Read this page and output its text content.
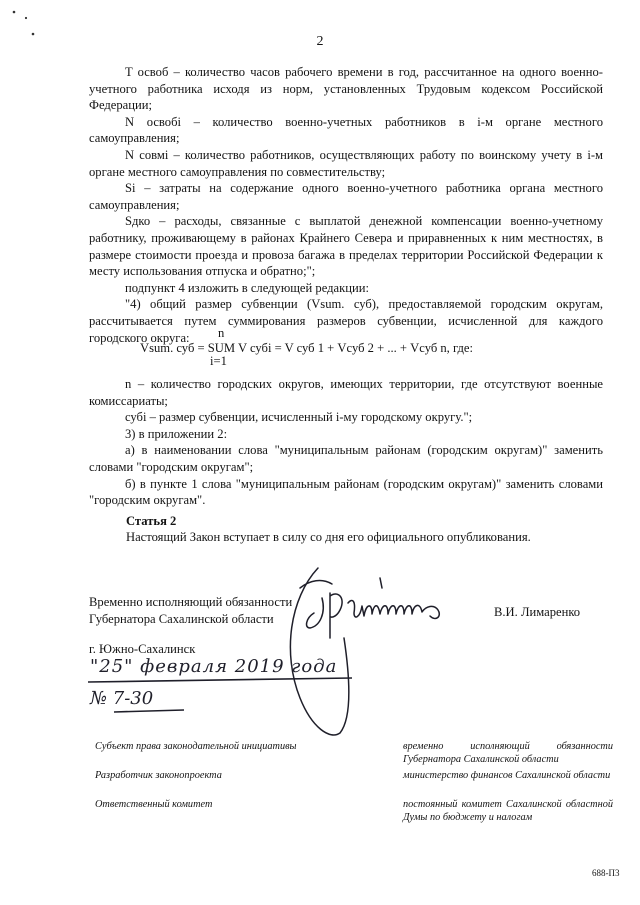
2

T освоб – количество часов рабочего времени в год, рассчитанное на одного военно-учетного работника исходя из норм, установленных Трудовым кодексом Российской Федерации;

N освобi – количество военно-учетных работников в i-м органе местного самоуправления;

N совмi – количество работников, осуществляющих работу по воинскому учету в i-м органе местного самоуправления по совместительству;

Si – затраты на содержание одного военно-учетного работника органа местного самоуправления;

Sдко – расходы, связанные с выплатой денежной компенсации военно-учетному работнику, проживающему в районах Крайнего Севера и приравненных к ним местностях, в размере стоимости проезда и провоза багажа в пределах территории Российской Федерации к месту использования отпуска и обратно;";

подпункт 4 изложить в следующей редакции:

"4) общий размер субвенции (Vsum. суб), предоставляемой городским округам, рассчитывается путем суммирования размеров субвенции, исчисленной для каждого городского округа:	n
Vsum. суб = SUM V субi = V суб 1 + Vсуб 2 + ... + Vсуб n, где:
i=1

n – количество городских округов, имеющих территории, где отсутствуют военные комиссариаты;

субi – размер субвенции, исчисленный i-му городскому округу.";

3) в приложении 2:

а) в наименовании слова "муниципальным районам (городским округам)" заменить словами "городским округам";

б) в пункте 1 слова "муниципальным районам (городским округам)" заменить словами "городским округам".

Статья 2
Настоящий Закон вступает в силу со дня его официального опубликования.
Временно исполняющий обязанности
Губернатора Сахалинской области	В.И. Лимаренко
г. Южно-Сахалинск
"25" февраля 2019 года
№ 7-30
Субъект права законодательной инициативы	временно исполняющий обязанности Губернатора Сахалинской области
Разработчик законопроекта	министерство финансов Сахалинской области
Ответственный комитет	постоянный комитет Сахалинской областной Думы по бюджету и налогам
688-П3
